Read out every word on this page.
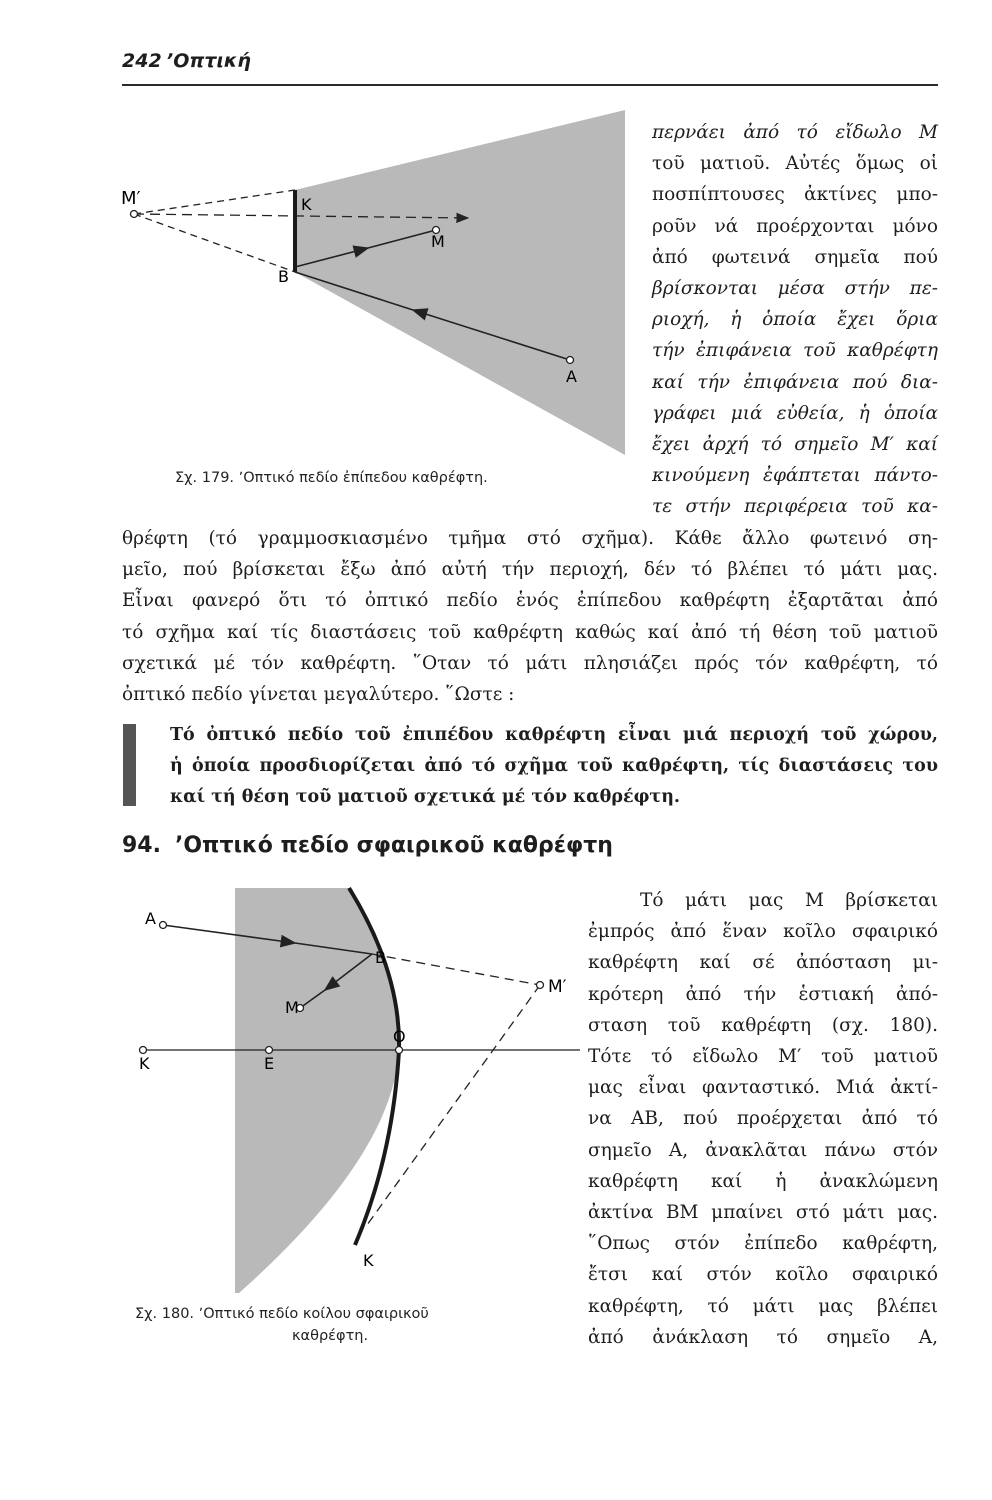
242 ʼΟπτική
M′	K
B
M
A
Σχ. 179. ʼΟπτικό πεδίο ἐπίπεδου καθρέφτη.
περνάει ἀπό τό εἴδωλο Μ
τοῦ ματιοῦ. Αὐτές ὅμως οἱ
ποσπίπτουσες ἀκτίνες μπο-
ροῦν νά προέρχονται μόνο
ἀπό φωτεινά σημεῖα πού
βρίσκονται μέσα στήν πε-
ριοχή, ἡ ὁποία ἔχει ὅρια
τήν ἐπιφάνεια τοῦ καθρέφτη
καί τήν ἐπιφάνεια πού δια-
γράφει μιά εὐθεία, ἡ ὁποία
ἔχει ἀρχή τό σημεῖο Μ′ καί
κινούμενη ἐφάπτεται πάντο-
τε στήν περιφέρεια τοῦ κα-
θρέφτη (τό γραμμοσκιασμένο τμῆμα στό σχῆμα). Κάθε ἄλλο φωτεινό ση-
μεῖο, πού βρίσκεται ἔξω ἀπό αὐτή τήν περιοχή, δέν τό βλέπει τό μάτι μας.
Εἶναι φανερό ὅτι τό ὀπτικό πεδίο ἑνός ἐπίπεδου καθρέφτη ἐξαρτᾶται ἀπό
τό σχῆμα καί τίς διαστάσεις τοῦ καθρέφτη καθώς καί ἀπό τή θέση τοῦ ματιοῦ
σχετικά μέ τόν καθρέφτη. ῞Οταν τό μάτι πλησιάζει πρός τόν καθρέφτη, τό
ὀπτικό πεδίο γίνεται μεγαλύτερο. ῞Ωστε :
Τό ὀπτικό πεδίο τοῦ ἐπιπέδου καθρέφτη εἶναι μιά περιοχή τοῦ χώρου,
ἡ ὁποία προσδιορίζεται ἀπό τό σχῆμα τοῦ καθρέφτη, τίς διαστάσεις του
καί τή θέση τοῦ ματιοῦ σχετικά μέ τόν καθρέφτη.
94. ʼΟπτικό πεδίο σφαιρικοῦ καθρέφτη
A
B
M′
M
O
K	E
K
Σχ. 180. ʼΟπτικό πεδίο κοίλου σφαιρικοῦ
καθρέφτη.
Τό μάτι μας Μ βρίσκεται
ἐμπρός ἀπό ἕναν κοῖλο σφαιρικό
καθρέφτη καί σέ ἀπόσταση μι-
κρότερη ἀπό τήν ἑστιακή ἀπό-
σταση τοῦ καθρέφτη (σχ. 180).
Τότε τό εἴδωλο Μ′ τοῦ ματιοῦ
μας εἶναι φανταστικό. Μιά ἀκτί-
να ΑΒ, πού προέρχεται ἀπό τό
σημεῖο Α, ἀνακλᾶται πάνω στόν
καθρέφτη καί ἡ ἀνακλώμενη
ἀκτίνα ΒΜ μπαίνει στό μάτι μας.
῞Οπως στόν ἐπίπεδο καθρέφτη,
ἔτσι καί στόν κοῖλο σφαιρικό
καθρέφτη, τό μάτι μας βλέπει
ἀπό ἀνάκλαση τό σημεῖο Α,
